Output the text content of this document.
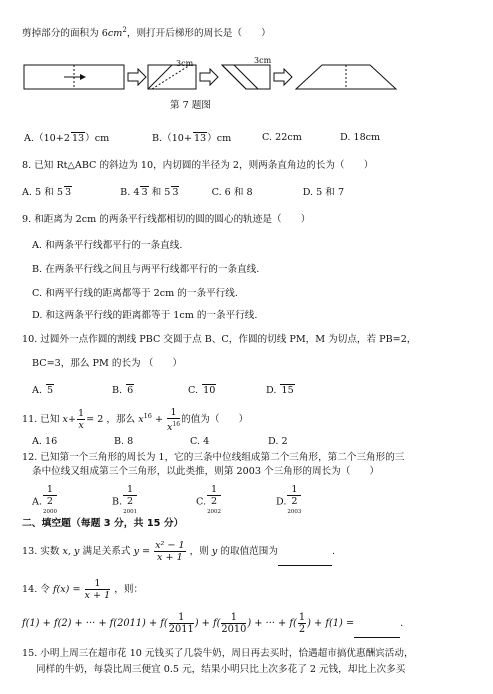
剪掉部分的面积为 $6cm^2$，则打开后梯形的周长是（　　）
3cm	3cm
第 7 题图
A.（10+2 13）cm	B.（10+ 13）cm	C. 22cm	D. 18cm
8. 已知 Rt△ABC 的斜边为 10，内切圆的半径为 2，则两条直角边的长为（　　）
A. 5 和 5 3	B. 4 3 和 5 3	C. 6 和 8	D. 5 和 7
9. 和距离为 2cm 的两条平行线都相切的圆的圆心的轨迹是（　　）
A. 和两条平行线都平行的一条直线.
B. 在两条平行线之间且与两平行线都平行的一条直线.
C. 和两平行线的距离都等于 2cm 的一条平行线.
D. 和这两条平行线的距离都等于 1cm 的一条平行线.
10. 过圆外一点作圆的割线 PBC 交圆于点 B、C，作圆的切线 PM，M 为切点，若 PB=2，
BC=3，那么 PM 的长为 （　　）
A. 5	B. 6	C. 10	D. 15
11. 已知 $x+ \frac{1}{x} = 2$ ，那么 $x^{16} + \frac{1}{x^{16}}$ 的值为（　　）
A. 16	B. 8	C. 4	D. 2
12. 已知第一个三角形的周长为 1，它的三条中位线组成第二个三角形，第二个三角形的三
条中位线又组成第三个三角形，以此类推，则第 2003 个三角形的周长为（　　）
A. 1
2
$^{2000}$	B. 1
2
$^{2001}$	C. 1
2
$^{2002}$	D. 1
2
$^{2003}$
二、填空题（每题 3 分，共 15 分）
13. 实数 x, y 满足关系式 $y = \frac{\text{x² − 1}}{x + 1}$ ，则 y 的取值范围为	.
14. 令 $f(x) = \frac{1}{x + 1}$ ，则：
f(1) + f(2) + ··· + $f(2011) + f( \frac{1}{2011}$ ) + $f( \frac{1}{2010}$ ) + ··· + $f( \frac{1}{2}$ ) + f(1) =	.
15. 小明上周三在超市花 10 元钱买了几袋牛奶，周日再去买时，恰遇超市搞优惠酬宾活动，
同样的牛奶，每袋比周三便宜 0.5 元，结果小明只比上次多花了 2 元钱，却比上次多买
